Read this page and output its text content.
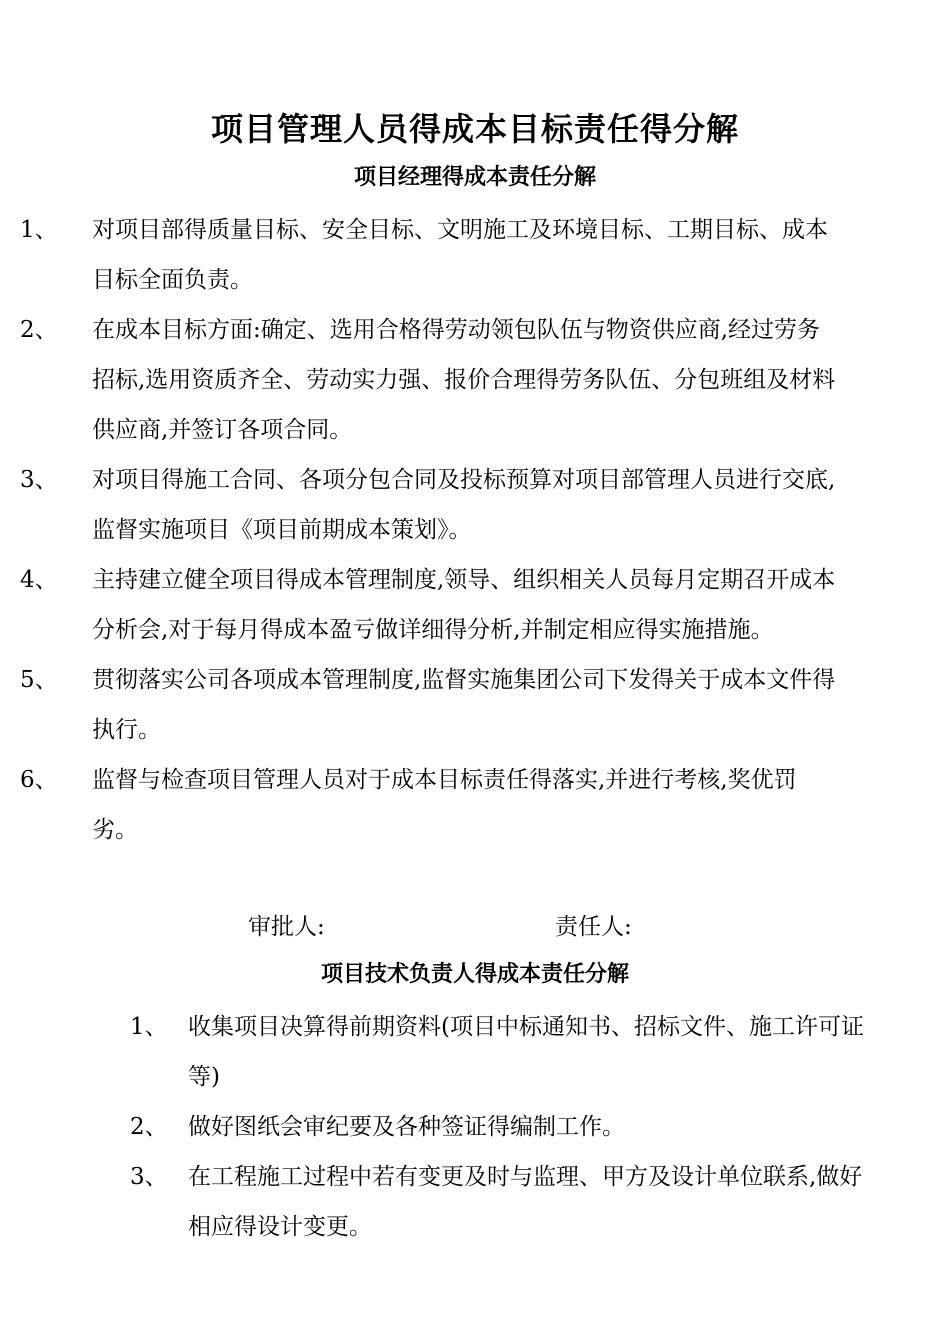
项目管理人员得成本目标责任得分解
项目经理得成本责任分解
1、 对项目部得质量目标、安全目标、文明施工及环境目标、工期目标、成本目标全面负责。
2、 在成本目标方面:确定、选用合格得劳动领包队伍与物资供应商,经过劳务招标,选用资质齐全、劳动实力强、报价合理得劳务队伍、分包班组及材料供应商,并签订各项合同。
3、 对项目得施工合同、各项分包合同及投标预算对项目部管理人员进行交底,监督实施项目《项目前期成本策划》。
4、 主持建立健全项目得成本管理制度,领导、组织相关人员每月定期召开成本分析会,对于每月得成本盈亏做详细得分析,并制定相应得实施措施。
5、 贯彻落实公司各项成本管理制度,监督实施集团公司下发得关于成本文件得执行。
6、 监督与检查项目管理人员对于成本目标责任得落实,并进行考核,奖优罚劣。
审批人:	责任人:
项目技术负责人得成本责任分解
1、 收集项目决算得前期资料(项目中标通知书、招标文件、施工许可证等)
2、 做好图纸会审纪要及各种签证得编制工作。
3、 在工程施工过程中若有变更及时与监理、甲方及设计单位联系,做好相应得设计变更。
